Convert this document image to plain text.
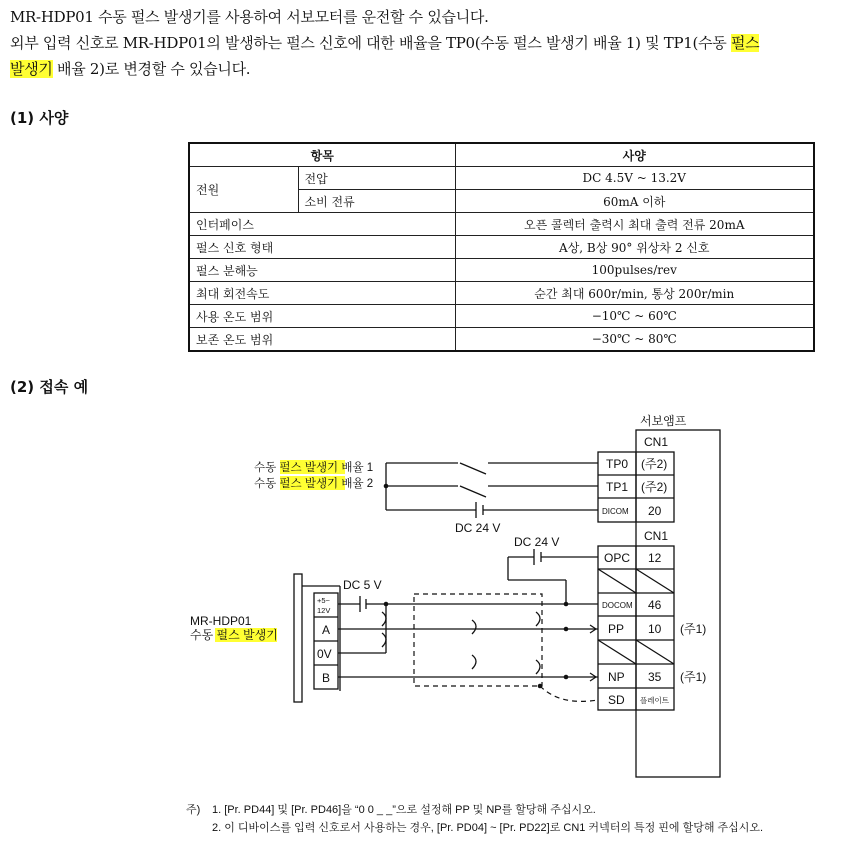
MR-HDP01 수동 펄스 발생기를 사용하여 서보모터를 운전할 수 있습니다.
외부 입력 신호로 MR-HDP01의 발생하는 펄스 신호에 대한 배율을 TP0(수동 펄스 발생기 배율 1) 및 TP1(수동 펄스
발생기 배율 2)로 변경할 수 있습니다.
(1) 사양
항목		사양
전원	전압	DC 4.5V ~ 13.2V
	소비 전류	60mA 이하
인터페이스		오픈 콜렉터 출력시 최대 출력 전류 20mA
펄스 신호 형태		A상, B상 90° 위상차 2 신호
펄스 분해능		100pulses/rev
최대 회전속도		순간 최대 600r/min, 통상 200r/min
사용 온도 범위		−10℃ ~ 60℃
보존 온도 범위		−30℃ ~ 80℃
(2) 접속 예
서보앰프
CN1
CN1
수동 펄스 발생기 배율 1
수동 펄스 발생기 배율 2
DC 24 V
DC 24 V
DC 5 V
MR-HDP01
수동 펄스 발생기
+5~
12V
A
0V
B
TP0 (주2)
TP1 (주2)
DICOM 20
OPC 12
DOCOM 46
PP 10
NP 35
SD 플레이트
(주1)
(주1)
주) 1. [Pr. PD44] 및 [Pr. PD46]을 “0 0 _ _”으로 설정해 PP 및 NP를 할당해 주십시오.
2. 이 디바이스를 입력 신호로서 사용하는 경우, [Pr. PD04] ~ [Pr. PD22]로 CN1 커넥터의 특정 핀에 할당해 주십시오.
